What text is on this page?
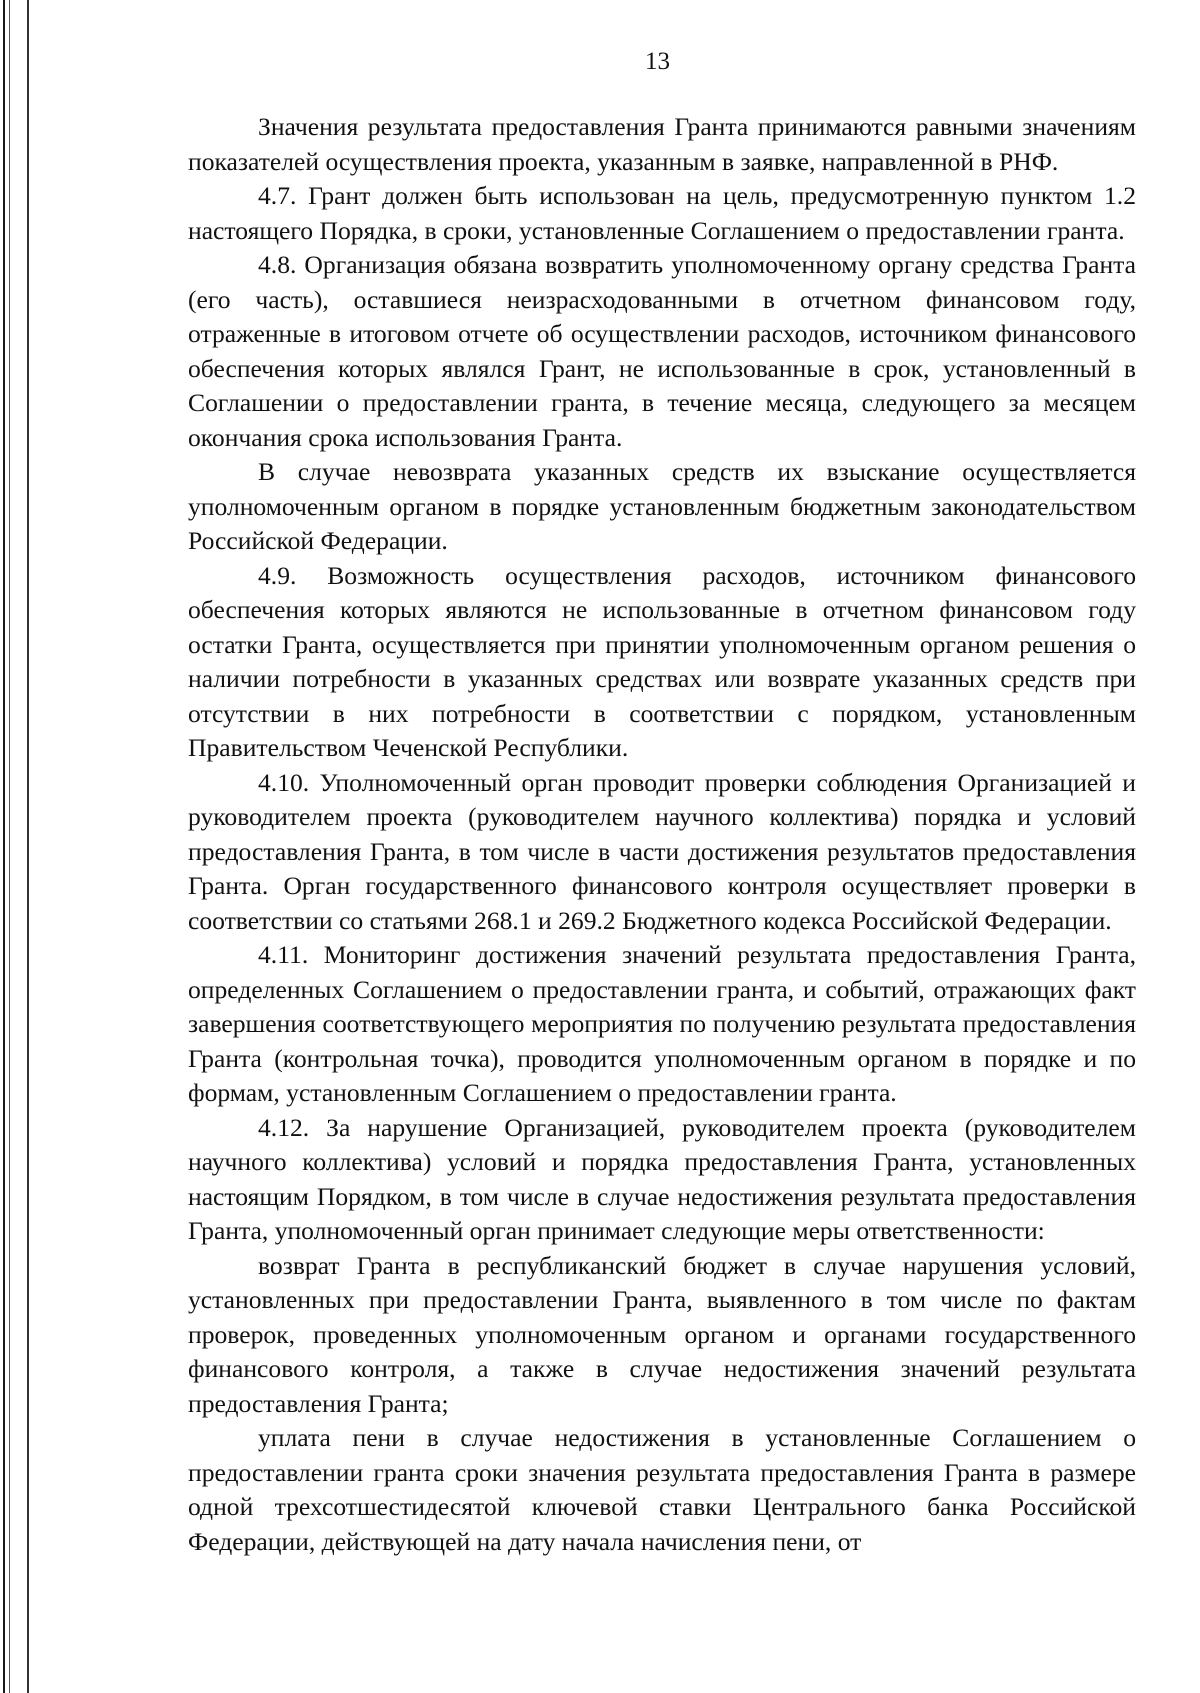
13

Значения результата предоставления Гранта принимаются равными значениям показателей осуществления проекта, указанным в заявке, направленной в РНФ.

4.7. Грант должен быть использован на цель, предусмотренную пунктом 1.2 настоящего Порядка, в сроки, установленные Соглашением о предоставлении гранта.

4.8. Организация обязана возвратить уполномоченному органу средства Гранта (его часть), оставшиеся неизрасходованными в отчетном финансовом году, отраженные в итоговом отчете об осуществлении расходов, источником финансового обеспечения которых являлся Грант, не использованные в срок, установленный в Соглашении о предоставлении гранта, в течение месяца, следующего за месяцем окончания срока использования Гранта.

В случае невозврата указанных средств их взыскание осуществляется уполномоченным органом в порядке установленным бюджетным законодательством Российской Федерации.

4.9. Возможность осуществления расходов, источником финансового обеспечения которых являются не использованные в отчетном финансовом году остатки Гранта, осуществляется при принятии уполномоченным органом решения о наличии потребности в указанных средствах или возврате указанных средств при отсутствии в них потребности в соответствии с порядком, установленным Правительством Чеченской Республики.

4.10. Уполномоченный орган проводит проверки соблюдения Организацией и руководителем проекта (руководителем научного коллектива) порядка и условий предоставления Гранта, в том числе в части достижения результатов предоставления Гранта. Орган государственного финансового контроля осуществляет проверки в соответствии со статьями 268.1 и 269.2 Бюджетного кодекса Российской Федерации.

4.11. Мониторинг достижения значений результата предоставления Гранта, определенных Соглашением о предоставлении гранта, и событий, отражающих факт завершения соответствующего мероприятия по получению результата предоставления Гранта (контрольная точка), проводится уполномоченным органом в порядке и по формам, установленным Соглашением о предоставлении гранта.

4.12. За нарушение Организацией, руководителем проекта (руководителем научного коллектива) условий и порядка предоставления Гранта, установленных настоящим Порядком, в том числе в случае недостижения результата предоставления Гранта, уполномоченный орган принимает следующие меры ответственности:

возврат Гранта в республиканский бюджет в случае нарушения условий, установленных при предоставлении Гранта, выявленного в том числе по фактам проверок, проведенных уполномоченным органом и органами государственного финансового контроля, а также в случае недостижения значений результата предоставления Гранта;

уплата пени в случае недостижения в установленные Соглашением о предоставлении гранта сроки значения результата предоставления Гранта в размере одной трехсотшестидесятой ключевой ставки Центрального банка Российской Федерации, действующей на дату начала начисления пени, от
